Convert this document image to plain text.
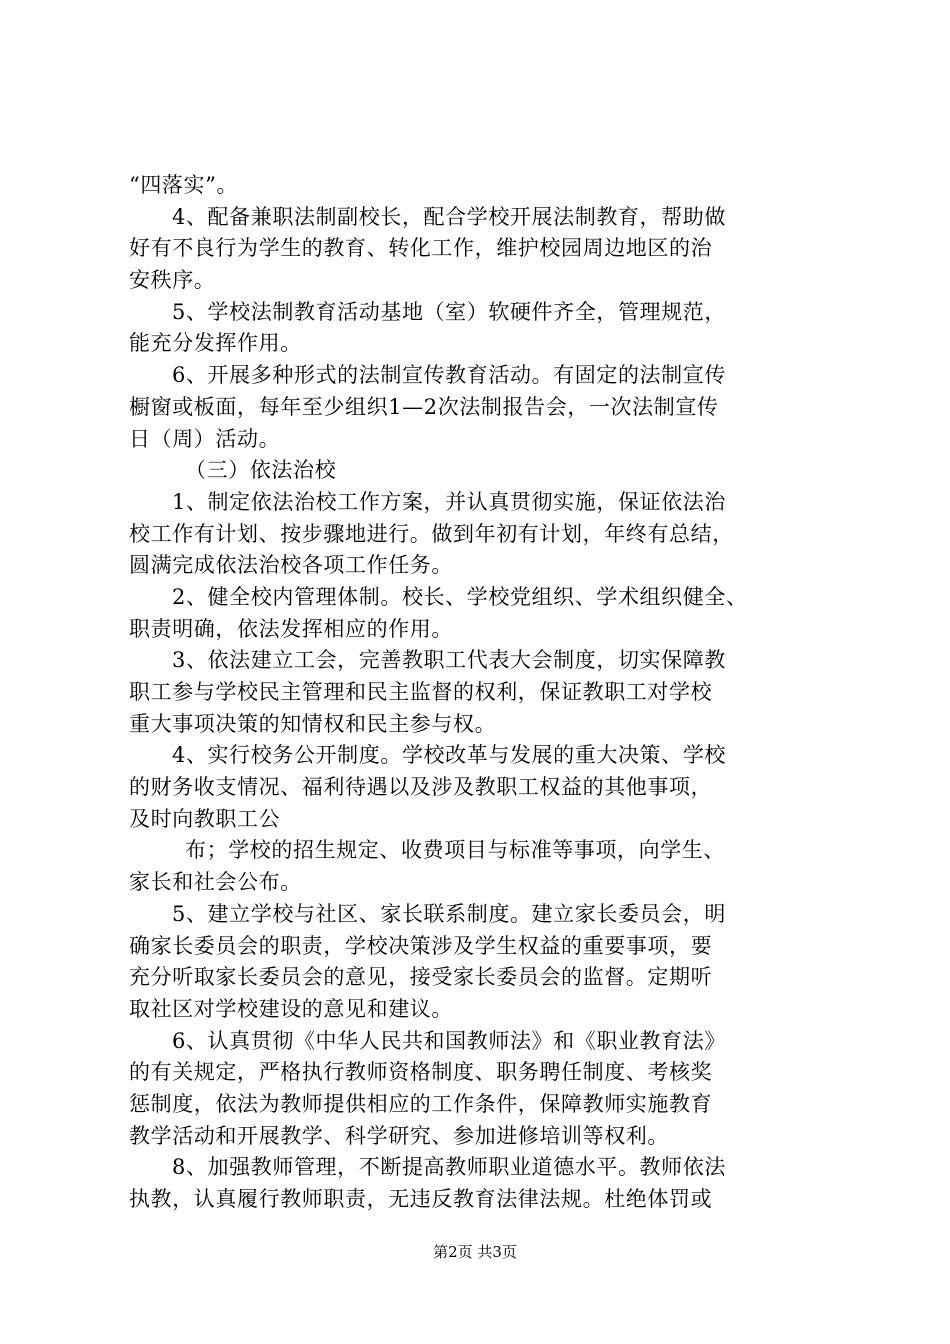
“四落实”。
4、配备兼职法制副校长，配合学校开展法制教育，帮助做
好有不良行为学生的教育、转化工作，维护校园周边地区的治
安秩序。
5、学校法制教育活动基地（室）软硬件齐全，管理规范，
能充分发挥作用。
6、开展多种形式的法制宣传教育活动。有固定的法制宣传
橱窗或板面，每年至少组织1—2次法制报告会，一次法制宣传
日（周）活动。
（三）依法治校
1、制定依法治校工作方案，并认真贯彻实施，保证依法治
校工作有计划、按步骤地进行。做到年初有计划，年终有总结，
圆满完成依法治校各项工作任务。
2、健全校内管理体制。校长、学校党组织、学术组织健全、
职责明确，依法发挥相应的作用。
3、依法建立工会，完善教职工代表大会制度，切实保障教
职工参与学校民主管理和民主监督的权利，保证教职工对学校
重大事项决策的知情权和民主参与权。
4、实行校务公开制度。学校改革与发展的重大决策、学校
的财务收支情况、福利待遇以及涉及教职工权益的其他事项，
及时向教职工公
布；学校的招生规定、收费项目与标准等事项，向学生、
家长和社会公布。
5、建立学校与社区、家长联系制度。建立家长委员会，明
确家长委员会的职责，学校决策涉及学生权益的重要事项，要
充分听取家长委员会的意见，接受家长委员会的监督。定期听
取社区对学校建设的意见和建议。
6、认真贯彻《中华人民共和国教师法》和《职业教育法》
的有关规定，严格执行教师资格制度、职务聘任制度、考核奖
惩制度，依法为教师提供相应的工作条件，保障教师实施教育
教学活动和开展教学、科学研究、参加进修培训等权利。
8、加强教师管理，不断提高教师职业道德水平。教师依法
执教，认真履行教师职责，无违反教育法律法规。杜绝体罚或
第2页 共3页
